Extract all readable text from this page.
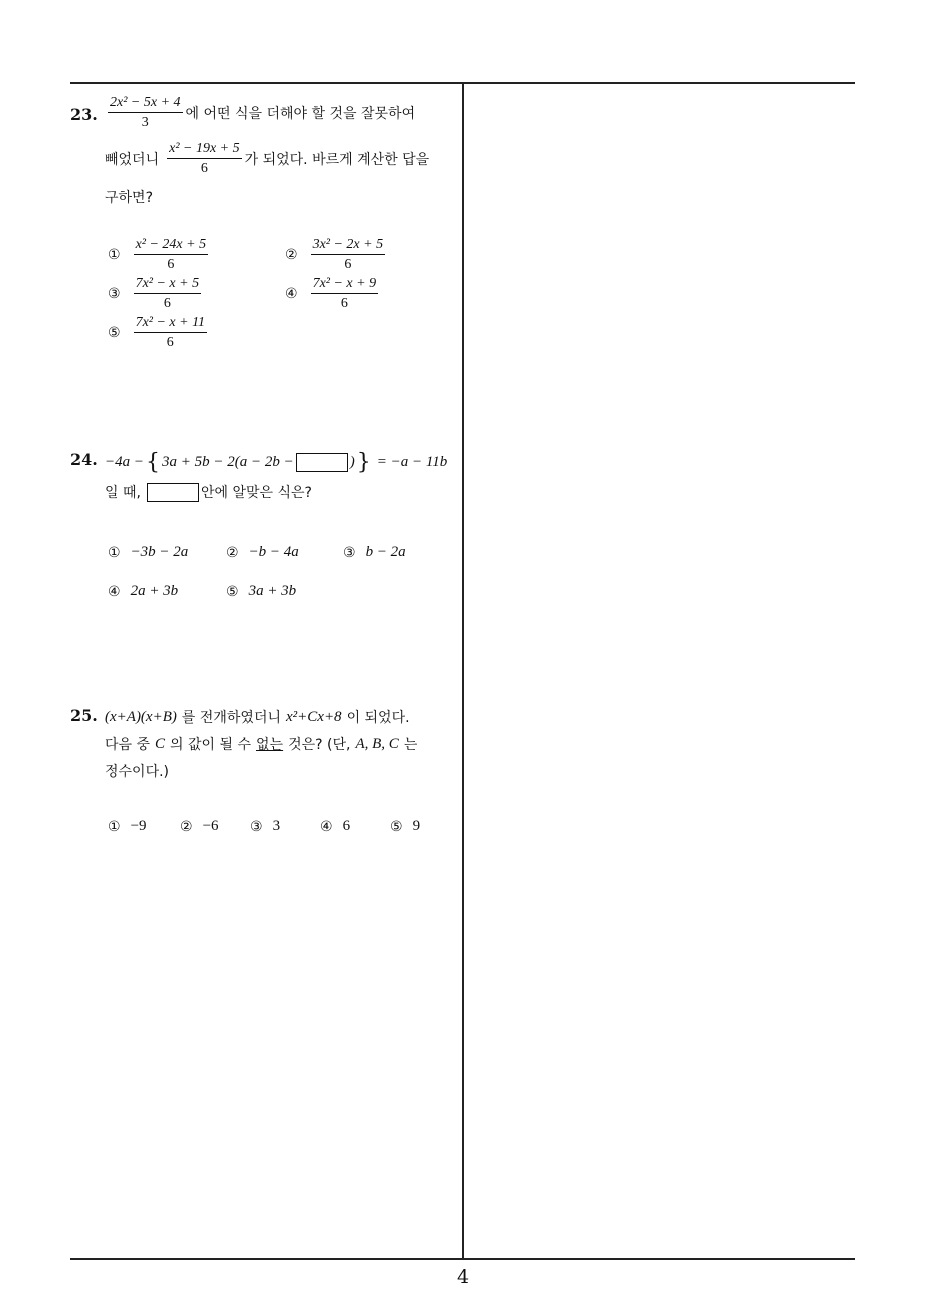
23. $\frac{\text{2x² − 5x + 4}}{3}$ 에 어떤 식을 더해야 할 것을 잘못하여
빼었더니 $\frac{\text{x² − 19x + 5}}{6}$ 가 되었다. 바르게 계산한 답을
구하면?
① $\frac{\text{x² − 24x + 5}}{6}$	② $\frac{\text{3x² − 2x + 5}}{6}$
③ $\frac{\text{7x² − x + 5}}{6}$	④ $\frac{\text{7x² − x + 9}}{6}$
⑤ $\frac{\text{7x² − x + 11}}{6}$
24. −4a − { 3a + 5b − 2(a − 2b −	) } = −a − 11b
일 때,	안에 알맞은 식은?
① −3b − 2a	② −b − 4a	③ b − 2a
④ 2a + 3b	⑤ 3a + 3b
25. (x+A)(x+B) 를 전개하였더니 x²+Cx+8 이 되었다.
다음 중 C 의 값이 될 수 없는 것은? (단, A, B, C 는
정수이다.)
① −9 ② −6 ③ 3	④ 6	⑤ 9
4
